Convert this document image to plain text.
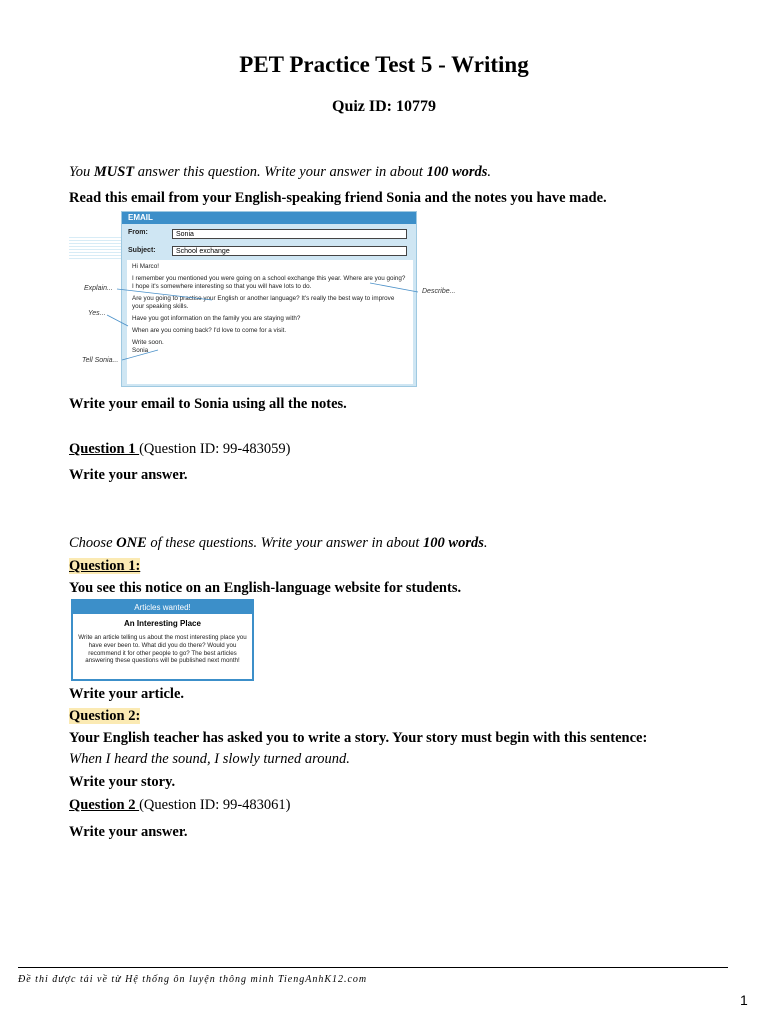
PET Practice Test 5 - Writing
Quiz ID: 10779
You MUST answer this question. Write your answer in about 100 words.
Read this email from your English-speaking friend Sonia and the notes you have made.
EMAIL
From:	Sonia
Subject:	School exchange

Hi Marco!

I remember you mentioned you were going on a school exchange this year. Where are you going? I hope it's somewhere interesting so that you will have lots to do.

Are you going to practise your English or another language? It's really the best way to improve your speaking skills.

Have you got information on the family you are staying with?

When are you coming back? I'd love to come for a visit.

Write soon.

Sonia

Explain...
Yes...
Tell Sonia...
Describe...
Write your email to Sonia using all the notes.
Question 1 (Question ID: 99-483059)
Write your answer.
Choose ONE of these questions. Write your answer in about 100 words.
Question 1:
You see this notice on an English-language website for students.
Articles wanted!
An Interesting Place
Write an article telling us about the most interesting place you have ever been to. What did you do there? Would you recommend it for other people to go? The best articles answering these questions will be published next month!
Write your article.
Question 2:
Your English teacher has asked you to write a story. Your story must begin with this sentence:
When I heard the sound, I slowly turned around.
Write your story.
Question 2 (Question ID: 99-483061)
Write your answer.
Đề thi được tải về từ Hệ thống ôn luyện thông minh TiengAnhK12.com
1
